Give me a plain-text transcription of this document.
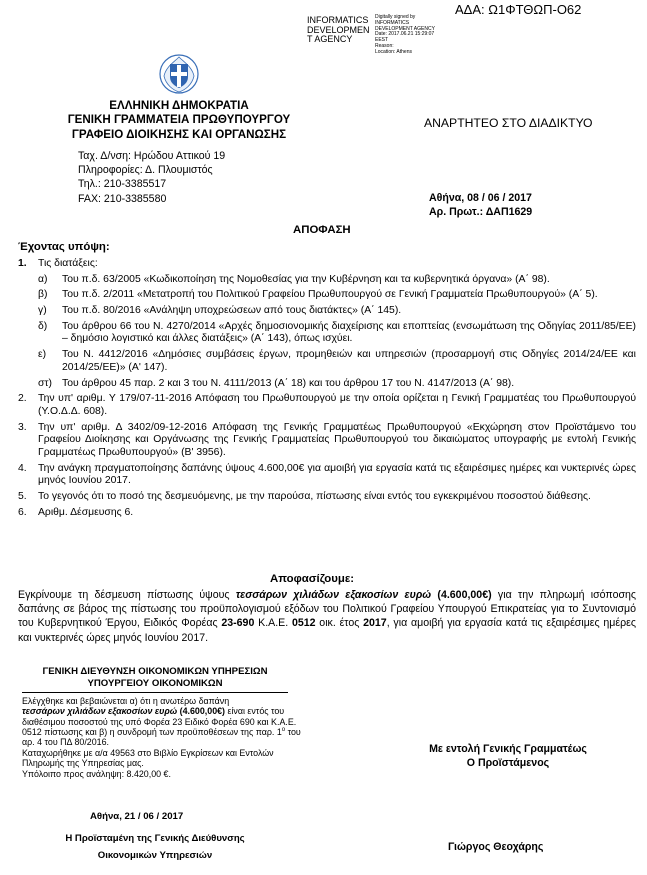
ΑΔΑ: Ω1ΦΤΘΩΠ-Ο62
INFORMATICS
DEVELOPMEN
T AGENCY
Digitally signed by
INFORMATICS
DEVELOPMENT AGENCY
Date: 2017.06.21 15:29:07
EEST
Reason:
Location: Athens
ΕΛΛΗΝΙΚΗ ΔΗΜΟΚΡΑΤΙΑ
ΓΕΝΙΚΗ ΓΡΑΜΜΑΤΕΙΑ ΠΡΩΘΥΠΟΥΡΓΟΥ
ΓΡΑΦΕΙΟ ΔΙΟΙΚΗΣΗΣ ΚΑΙ ΟΡΓΑΝΩΣΗΣ
ΑΝΑΡΤΗΤΕΟ ΣΤΟ ΔΙΑΔΙΚΤΥΟ
Ταχ. Δ/νση: Ηρώδου Αττικού 19
Πληροφορίες: Δ. Πλουμιστός
Τηλ.: 210-3385517
FAX: 210-3385580	Αθήνα, 08 / 06 / 2017
Αρ. Πρωτ.: ΔΑΠ1629
ΑΠΟΦΑΣΗ
Έχοντας υπόψη:
1. Τις διατάξεις:
α) Του π.δ. 63/2005 «Κωδικοποίηση της Νομοθεσίας για την Κυβέρνηση και τα κυβερνητικά όργανα» (Α΄ 98).
β) Του π.δ. 2/2011 «Μετατροπή του Πολιτικού Γραφείου Πρωθυπουργού σε Γενική Γραμματεία Πρωθυπουργού» (Α΄ 5).
γ) Του π.δ. 80/2016 «Ανάληψη υποχρεώσεων από τους διατάκτες» (Α΄ 145).
δ) Του άρθρου 66 του Ν. 4270/2014 «Αρχές δημοσιονομικής διαχείρισης και εποπτείας (ενσωμάτωση της Οδηγίας 2011/85/ΕΕ) – δημόσιο λογιστικό και άλλες διατάξεις» (Α΄ 143), όπως ισχύει.
ε) Του Ν. 4412/2016 «Δημόσιες συμβάσεις έργων, προμηθειών και υπηρεσιών (προσαρμογή στις Οδηγίες 2014/24/ΕΕ και 2014/25/ΕΕ)» (Α' 147).
στ) Του άρθρου 45 παρ. 2 και 3 του Ν. 4111/2013 (Α΄ 18) και του άρθρου 17 του Ν. 4147/2013 (Α΄ 98).
2. Την υπ' αριθμ. Υ 179/07-11-2016 Απόφαση του Πρωθυπουργού με την οποία ορίζεται η Γενική Γραμματέας του Πρωθυπουργού (Υ.Ο.Δ.Δ. 608).
3. Την υπ' αριθμ. Δ 3402/09-12-2016 Απόφαση της Γενικής Γραμματέως Πρωθυπουργού «Εκχώρηση στον Προϊστάμενο του Γραφείου Διοίκησης και Οργάνωσης της Γενικής Γραμματείας Πρωθυπουργού του δικαιώματος υπογραφής με εντολή Γενικής Γραμματέως Πρωθυπουργού» (Β' 3956).
4. Την ανάγκη πραγματοποίησης δαπάνης ύψους 4.600,00€ για αμοιβή για εργασία κατά τις εξαιρέσιμες ημέρες και νυκτερινές ώρες μηνός Ιουνίου 2017.
5. Το γεγονός ότι το ποσό της δεσμευόμενης, με την παρούσα, πίστωσης είναι εντός του εγκεκριμένου ποσοστού διάθεσης.
6. Αριθμ. Δέσμευσης 6.
Αποφασίζουμε:
Εγκρίνουμε τη δέσμευση πίστωσης ύψους τεσσάρων χιλιάδων εξακοσίων ευρώ (4.600,00€) για την πληρωμή ισόποσης δαπάνης σε βάρος της πίστωσης του προϋπολογισμού εξόδων του Πολιτικού Γραφείου Υπουργού Επικρατείας για το Συντονισμό του Κυβερνητικού Έργου, Ειδικός Φορέας 23-690 Κ.Α.Ε. 0512 οικ. έτος 2017, για αμοιβή για εργασία κατά τις εξαιρέσιμες ημέρες και νυκτερινές ώρες μηνός Ιουνίου 2017.
ΓΕΝΙΚΗ ΔΙΕΥΘΥΝΣΗ ΟΙΚΟΝΟΜΙΚΩΝ ΥΠΗΡΕΣΙΩΝ
ΥΠΟΥΡΓΕΙΟΥ ΟΙΚΟΝΟΜΙΚΩΝ
Ελέγχθηκε και βεβαιώνεται α) ότι η ανωτέρω δαπάνη
τεσσάρων χιλιάδων εξακοσίων ευρώ (4.600,00€) είναι εντός του διαθέσιμου ποσοστού της υπό Φορέα 23 Ειδικό Φορέα 690 και Κ.Α.Ε. 0512 πίστωσης και β) η συνδρομή των προϋποθέσεων της παρ. $1^o$ του αρ. 4 του ΠΔ 80/2016.
Καταχωρήθηκε με α/α 49563 στο Βιβλίο Εγκρίσεων και Εντολών Πληρωμής της Υπηρεσίας μας.
Υπόλοιπο προς ανάληψη: 8.420,00 €.
Αθήνα, 21 / 06 / 2017
Η Προϊσταμένη της Γενικής Διεύθυνσης
Οικονομικών Υπηρεσιών
Με εντολή Γενικής Γραμματέως
Ο Προϊστάμενος
Γιώργος Θεοχάρης
